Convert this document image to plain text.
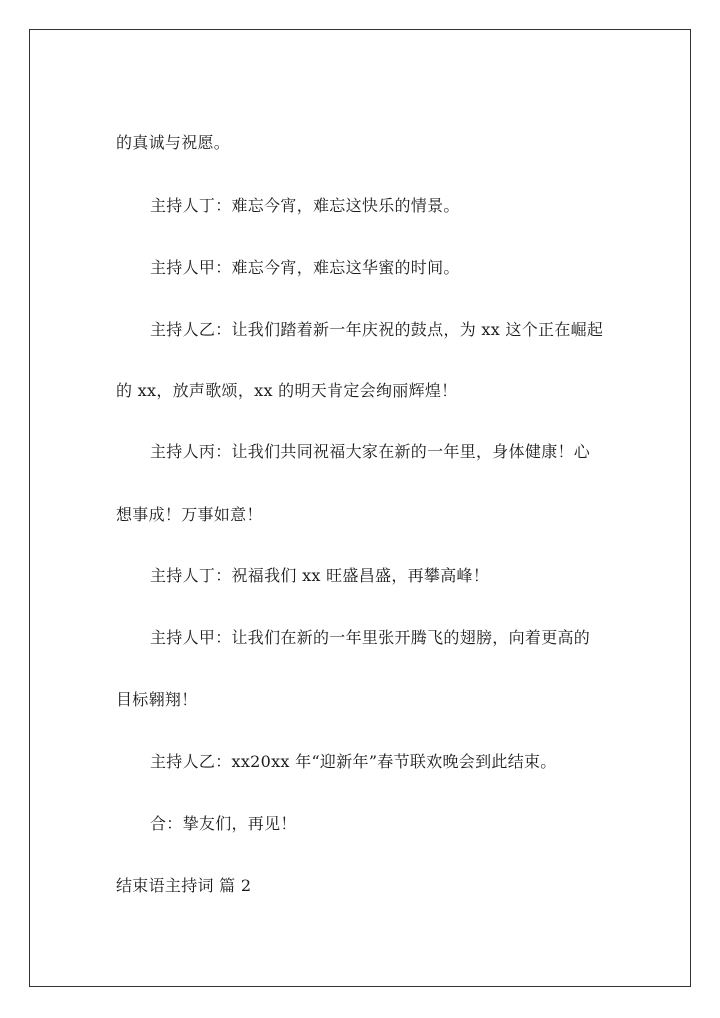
的真诚与祝愿。
主持人丁：难忘今宵，难忘这快乐的情景。
主持人甲：难忘今宵，难忘这华蜜的时间。
主持人乙：让我们踏着新一年庆祝的鼓点，为 xx 这个正在崛起
的 xx，放声歌颂，xx 的明天肯定会绚丽辉煌！
主持人丙：让我们共同祝福大家在新的一年里，身体健康！心
想事成！万事如意！
主持人丁：祝福我们 xx 旺盛昌盛，再攀高峰！
主持人甲：让我们在新的一年里张开腾飞的翅膀，向着更高的
目标翱翔！
主持人乙：xx20xx 年“迎新年”春节联欢晚会到此结束。
合：挚友们，再见！
结束语主持词 篇 2
